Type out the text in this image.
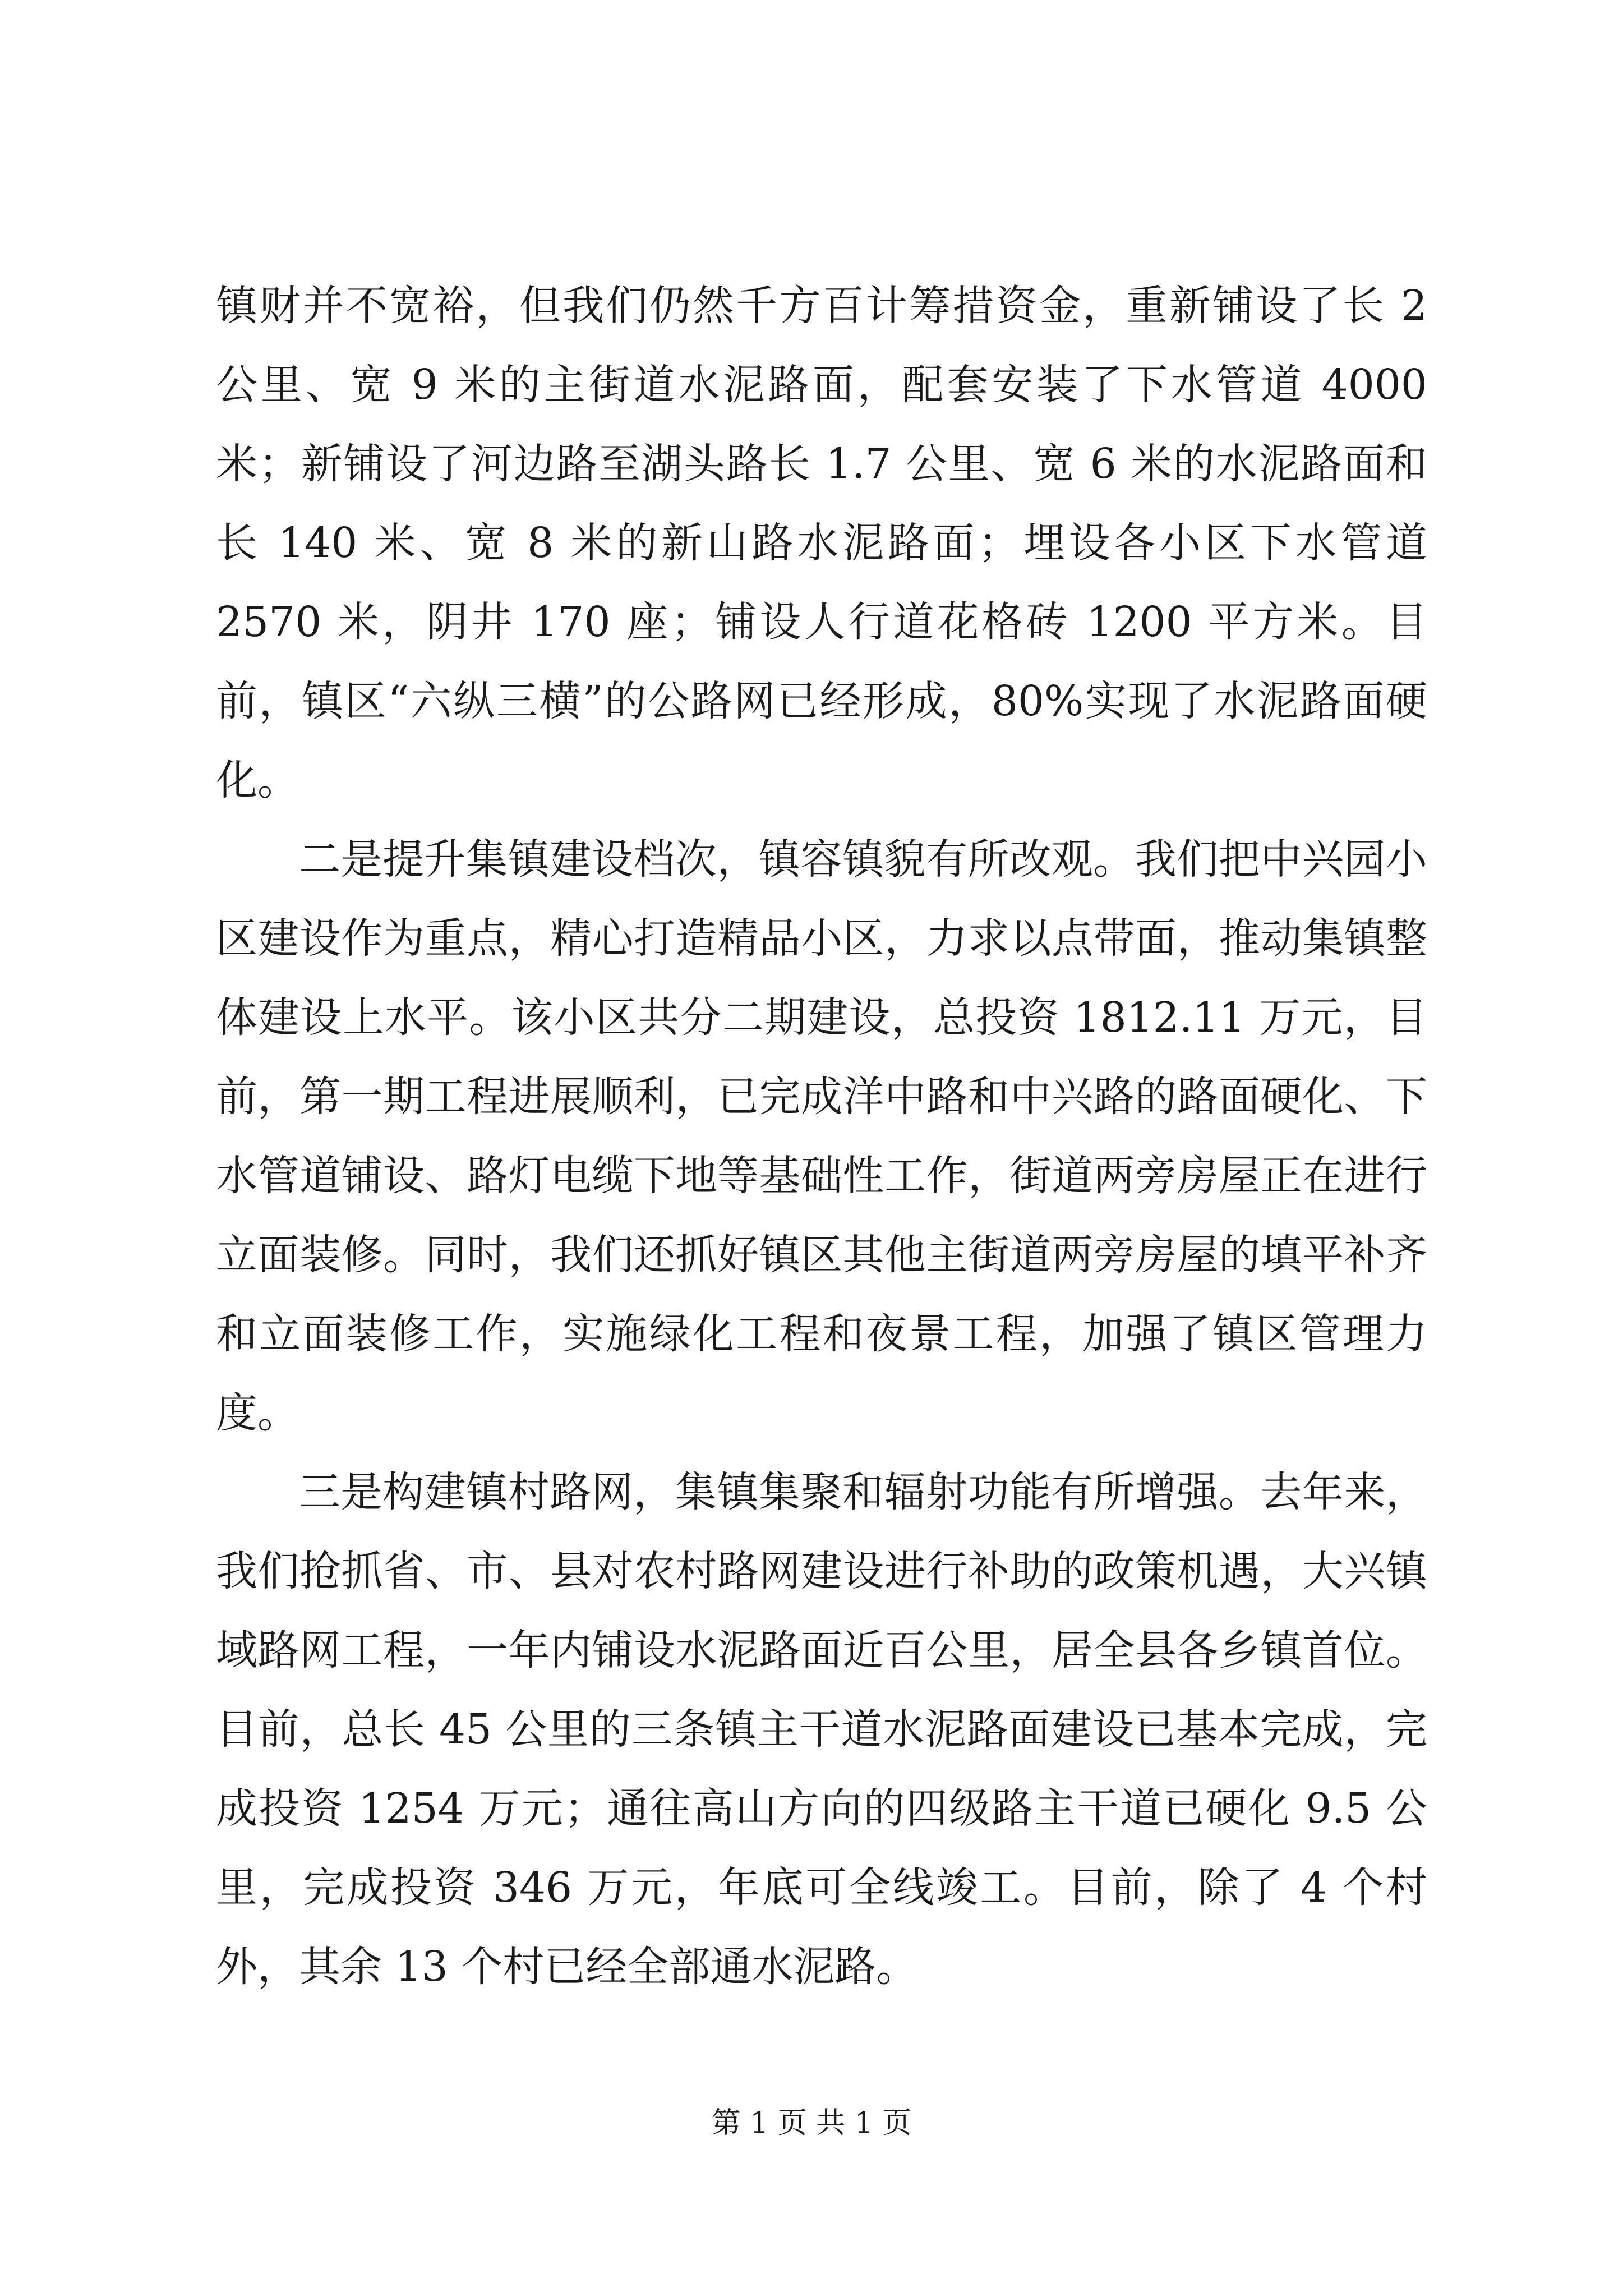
镇财并不宽裕，但我们仍然千方百计筹措资金，重新铺设了长 2 公里、宽 9 米的主街道水泥路面，配套安装了下水管道 4000 米；新铺设了河边路至湖头路长 1.7 公里、宽 6 米的水泥路面和长 140 米、宽 8 米的新山路水泥路面；埋设各小区下水管道 2570 米，阴井 170 座；铺设人行道花格砖 1200 平方米。目前，镇区“六纵三横”的公路网已经形成，80%实现了水泥路面硬化。

二是提升集镇建设档次，镇容镇貌有所改观。我们把中兴园小区建设作为重点，精心打造精品小区，力求以点带面，推动集镇整体建设上水平。该小区共分二期建设，总投资 1812.11 万元，目前，第一期工程进展顺利，已完成洋中路和中兴路的路面硬化、下水管道铺设、路灯电缆下地等基础性工作，街道两旁房屋正在进行立面装修。同时，我们还抓好镇区其他主街道两旁房屋的填平补齐和立面装修工作，实施绿化工程和夜景工程，加强了镇区管理力度。

三是构建镇村路网，集镇集聚和辐射功能有所增强。去年来，我们抢抓省、市、县对农村路网建设进行补助的政策机遇，大兴镇域路网工程，一年内铺设水泥路面近百公里，居全县各乡镇首位。目前，总长 45 公里的三条镇主干道水泥路面建设已基本完成，完成投资 1254 万元；通往高山方向的四级路主干道已硬化 9.5 公里，完成投资 346 万元，年底可全线竣工。目前，除了 4 个村外，其余 13 个村已经全部通水泥路。

第 1 页 共 1 页
